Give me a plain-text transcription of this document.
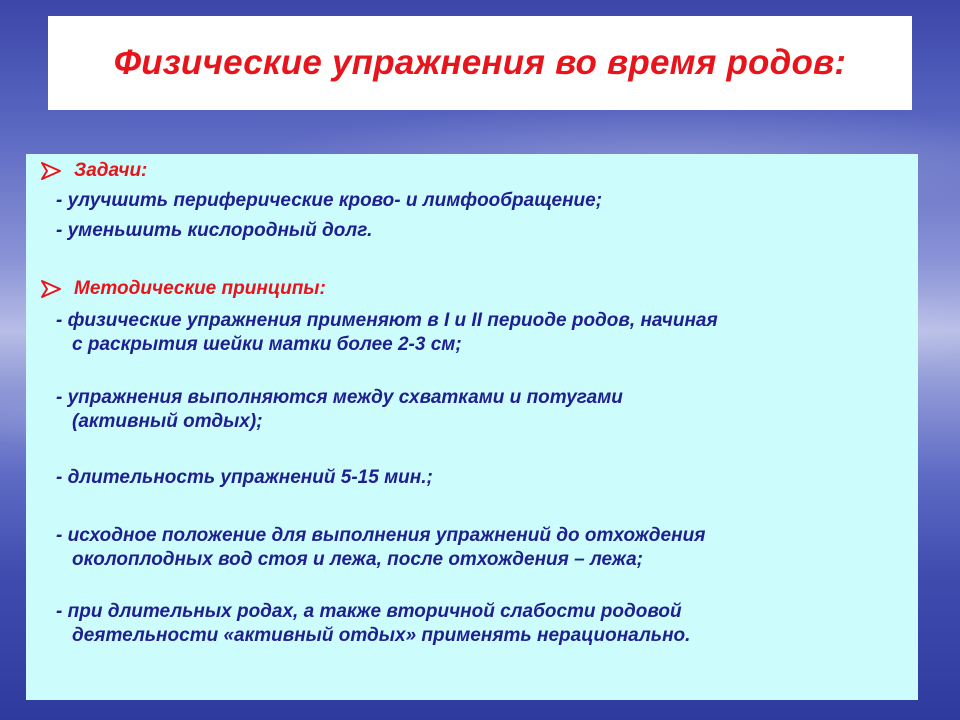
Физические упражнения во время родов:
Задачи:
- улучшить периферические крово- и лимфообращение;
- уменьшить кислородный долг.
Методические принципы:
- физические упражнения применяют в I и II периоде родов, начиная
с раскрытия шейки матки более 2-3 см;
- упражнения выполняются между схватками и потугами
(активный отдых);
- длительность упражнений 5-15 мин.;
- исходное положение для выполнения упражнений до отхождения
околоплодных вод стоя и лежа, после отхождения – лежа;
- при длительных родах, а также вторичной слабости родовой
деятельности «активный отдых» применять нерационально.
